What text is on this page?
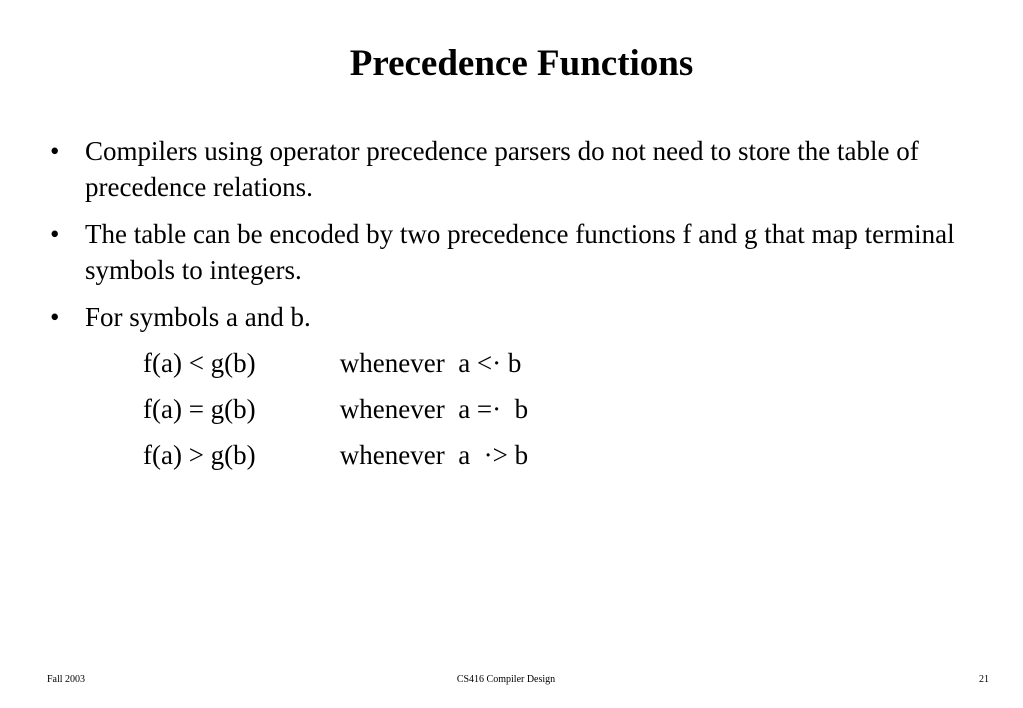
Precedence Functions
• Compilers using operator precedence parsers do not need to store the table of precedence relations.
• The table can be encoded by two precedence functions f and g that map terminal symbols to integers.
• For symbols a and b.
f(a) < g(b)	whenever  a <· b
f(a) = g(b)	whenever  a =·  b
f(a) > g(b)	whenever  a  ·> b
Fall 2003	CS416 Compiler Design	21
